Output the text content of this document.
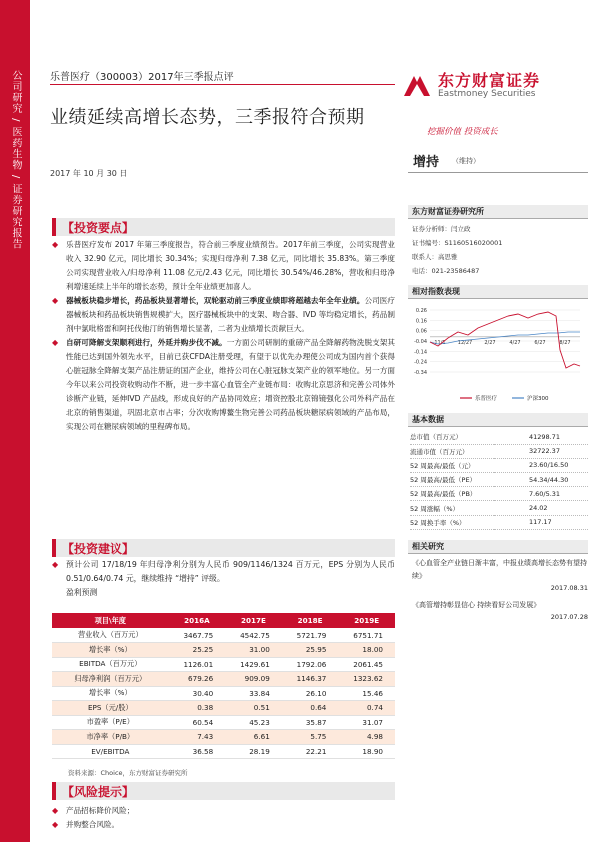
公司研究 / 医药生物 / 证券研究报告	乐普医疗（300003）2017年三季报点评
业绩延续高增长态势，三季报符合预期
2017 年 10 月 30 日
东方财富证券
Eastmoney Securities
挖掘价值 投资成长
增持 （维持）
【投资要点】
◆ 乐普医疗发布 2017 年第三季度报告，符合前三季度业绩预告。2017年前三季度，公司实现营业收入 32.90 亿元，同比增长 30.34%；实现归母净利 7.38 亿元，同比增长 35.83%。第三季度公司实现营业收入/归母净利 11.08 亿元/2.43 亿元，同比增长 30.54%/46.28%，营收和归母净利增速延续上半年的增长态势，预计全年业绩更加喜人。
◆ 器械板块稳步增长，药品板块显著增长，双轮驱动前三季度业绩即将超越去年全年业绩。公司医疗器械板块和药品板块销售规模扩大，医疗器械板块中的支架、吻合器、IVD 等均稳定增长，药品制剂中氯吡格雷和阿托伐他汀的销售增长显著，二者为业绩增长贡献巨大。
◆ 自研可降解支架顺利进行，外延并购步伐不减。一方面公司研制的重磅产品全降解药物洗脱支架其性能已达到国外领先水平，目前已获CFDA注册受理，有望于以优先办理使公司成为国内首个获得心脏冠脉全降解支架产品注册证的国产企业，维持公司在心脏冠脉支架产业的领军地位。另一方面今年以来公司投资收购动作不断，进一步丰富心血管全产业链布局：收购北京思济和完善公司体外诊断产业链，延伸IVD 产品线，形成良好的产品协同效应；增资控股北京锦镜强化公司外科产品在北京的销售渠道，巩固北京市占率；分次收购博鳌生物完善公司药品板块糖尿病领域的产品布局，实现公司在糖尿病领域的里程碑布局。
【投资建议】
◆ 预计公司 17/18/19 年归母净利分别为人民币 909/1146/1324 百万元，EPS 分别为人民币 0.51/0.64/0.74 元，继续维持 “增持” 评级。
盈利预测
项目\年度	2016A	2017E	2018E	2019E
营业收入（百万元）	3467.75	4542.75	5721.79	6751.71
增长率（%）	25.25	31.00	25.95	18.00
EBITDA（百万元）	1126.01	1429.61	1792.06	2061.45
归母净利润（百万元）	679.26	909.09	1146.37	1323.62
增长率（%）	30.40	33.84	26.10	15.46
EPS（元/股）	0.38	0.51	0.64	0.74
市盈率（P/E）	60.54	45.23	35.87	31.07
市净率（P/B）	7.43	6.61	5.75	4.98
EV/EBITDA	36.58	28.19	22.21	18.90
资料来源：Choice，东方财富证券研究所
【风险提示】
◆ 产品招标降价风险；
◆ 并购整合风险。
东方财富证券研究所
证券分析师：闫立政
证书编号：S1160516020001
联系人：高思雅
电话：021-23586487
相对指数表现
0.26
0.16
0.06
-0.04
-0.14
-0.24
-0.34
11/1 12/27 2/27	4/27	6/27	8/27
乐普医疗	沪深300
基本数据
总市值（百万元）	41298.71
流通市值（百万元）	32722.37
52 周最高/最低（元）	23.60/16.50
52 周最高/最低（PE）	54.34/44.30
52 周最高/最低（PB）	7.60/5.31
52 周涨幅（%）	24.02
52 周换手率（%）	117.17
相关研究
《心血管全产业链日渐丰富，中报业绩高增长态势有望持续》
2017.08.31
《高管增持彰显信心 持续看好公司发展》
2017.07.28
